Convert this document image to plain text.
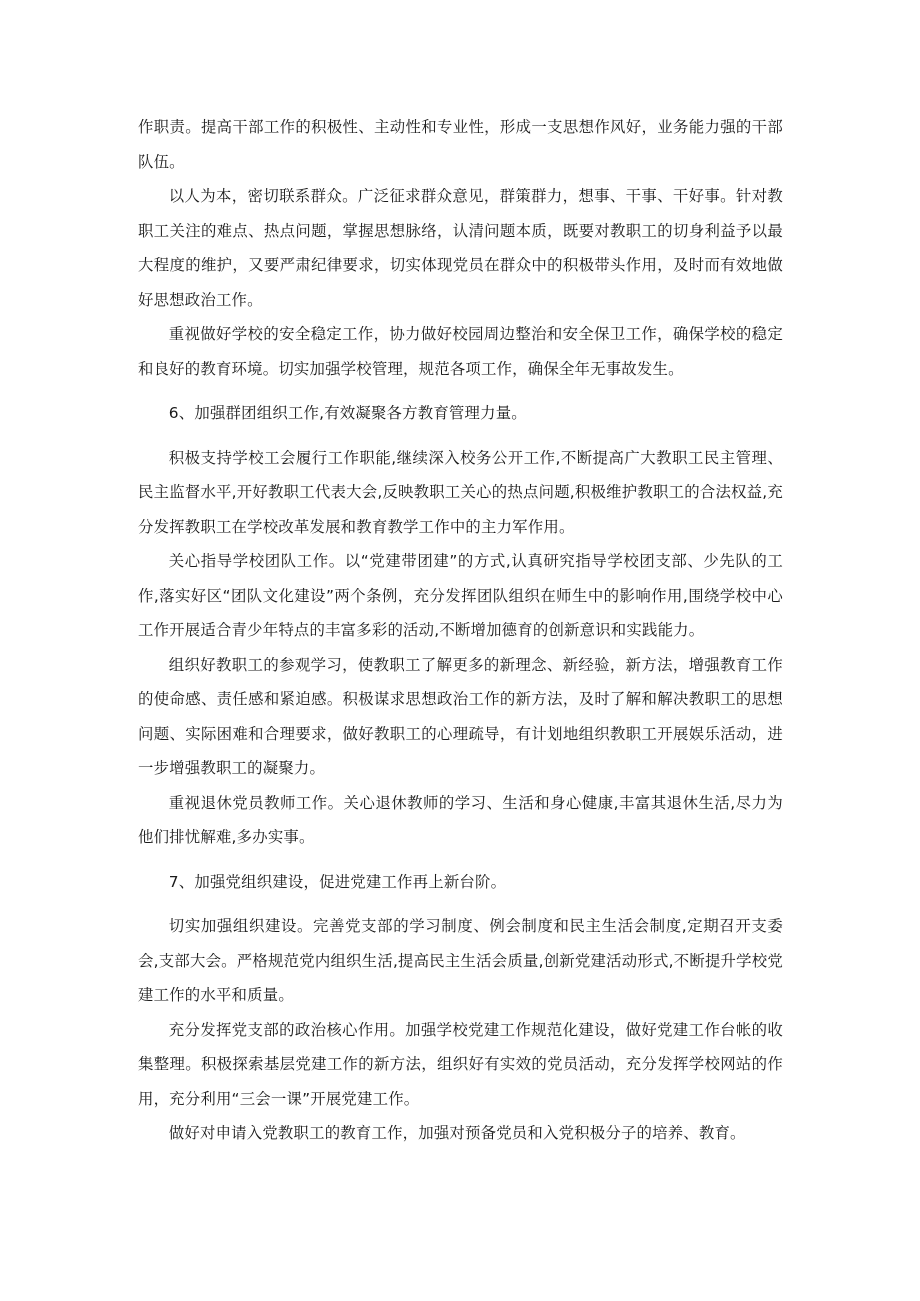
作职责。提高干部工作的积极性、主动性和专业性，形成一支思想作风好，业务能力强的干部队伍。

以人为本，密切联系群众。广泛征求群众意见，群策群力，想事、干事、干好事。针对教职工关注的难点、热点问题，掌握思想脉络，认清问题本质，既要对教职工的切身利益予以最大程度的维护，又要严肃纪律要求，切实体现党员在群众中的积极带头作用，及时而有效地做好思想政治工作。

重视做好学校的安全稳定工作，协力做好校园周边整治和安全保卫工作，确保学校的稳定和良好的教育环境。切实加强学校管理，规范各项工作，确保全年无事故发生。

6、加强群团组织工作,有效凝聚各方教育管理力量。

积极支持学校工会履行工作职能,继续深入校务公开工作,不断提高广大教职工民主管理、民主监督水平,开好教职工代表大会,反映教职工关心的热点问题,积极维护教职工的合法权益,充分发挥教职工在学校改革发展和教育教学工作中的主力军作用。

关心指导学校团队工作。以“党建带团建”的方式,认真研究指导学校团支部、少先队的工作,落实好区“团队文化建设”两个条例，充分发挥团队组织在师生中的影响作用,围绕学校中心工作开展适合青少年特点的丰富多彩的活动,不断增加德育的创新意识和实践能力。

组织好教职工的参观学习，使教职工了解更多的新理念、新经验，新方法，增强教育工作的使命感、责任感和紧迫感。积极谋求思想政治工作的新方法，及时了解和解决教职工的思想问题、实际困难和合理要求，做好教职工的心理疏导，有计划地组织教职工开展娱乐活动，进一步增强教职工的凝聚力。

重视退休党员教师工作。关心退休教师的学习、生活和身心健康,丰富其退休生活,尽力为他们排忧解难,多办实事。

7、加强党组织建设，促进党建工作再上新台阶。

切实加强组织建设。完善党支部的学习制度、例会制度和民主生活会制度,定期召开支委会,支部大会。严格规范党内组织生活,提高民主生活会质量,创新党建活动形式,不断提升学校党建工作的水平和质量。

充分发挥党支部的政治核心作用。加强学校党建工作规范化建设，做好党建工作台帐的收集整理。积极探索基层党建工作的新方法，组织好有实效的党员活动，充分发挥学校网站的作用，充分利用“三会一课”开展党建工作。

做好对申请入党教职工的教育工作，加强对预备党员和入党积极分子的培养、教育。
